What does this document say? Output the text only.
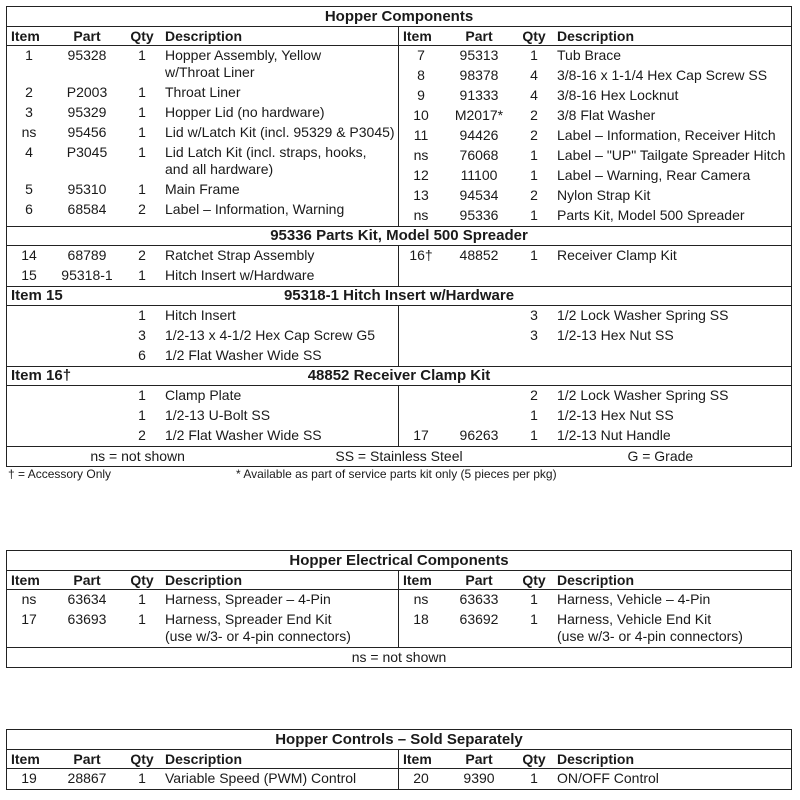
Hopper Components
Item	Part	Qty Description	Item	Part	Qty Description
1	95328	1	Hopper Assembly, Yellow
w/Throat Liner
2	P2003	1	Throat Liner
3	95329	1	Hopper Lid (no hardware)
ns	95456	1	Lid w/Latch Kit (incl. 95329 & P3045)
4	P3045	1	Lid Latch Kit (incl. straps, hooks,
and all hardware)
5	95310	1	Main Frame
6	68584	2	Label – Information, Warning
7	95313	1	Tub Brace
8	98378	4	3/8-16 x 1-1/4 Hex Cap Screw SS
9	91333	4	3/8-16 Hex Locknut
10	M2017*	2	3/8 Flat Washer
11	94426	2	Label – Information, Receiver Hitch
ns	76068	1	Label – "UP" Tailgate Spreader Hitch
12	11100	1	Label – Warning, Rear Camera
13	94534	2	Nylon Strap Kit
ns	95336	1	Parts Kit, Model 500 Spreader
95336 Parts Kit, Model 500 Spreader
14	68789	2	Ratchet Strap Assembly
15	95318-1	1	Hitch Insert w/Hardware
16†	48852	1	Receiver Clamp Kit
Item 15	95318-1 Hitch Insert w/Hardware
1	Hitch Insert
3	1/2-13 x 4-1/2 Hex Cap Screw G5
6	1/2 Flat Washer Wide SS
3	1/2 Lock Washer Spring SS
3	1/2-13 Hex Nut SS
Item 16†	48852 Receiver Clamp Kit
1	Clamp Plate
1	1/2-13 U-Bolt SS
2	1/2 Flat Washer Wide SS
2	1/2 Lock Washer Spring SS
1	1/2-13 Hex Nut SS
17	96263	1	1/2-13 Nut Handle
ns = not shown	SS = Stainless Steel	G = Grade
† = Accessory Only	* Available as part of service parts kit only (5 pieces per pkg)
Hopper Electrical Components
Item	Part	Qty Description	Item	Part	Qty Description
ns	63634	1	Harness, Spreader – 4-Pin
17	63693	1	Harness, Spreader End Kit
(use w/3- or 4-pin connectors)
ns	63633	1	Harness, Vehicle – 4-Pin
18	63692	1	Harness, Vehicle End Kit
(use w/3- or 4-pin connectors)
ns = not shown
Hopper Controls – Sold Separately
Item	Part	Qty Description	Item	Part	Qty Description
19	28867	1	Variable Speed (PWM) Control	20	9390	1	ON/OFF Control
